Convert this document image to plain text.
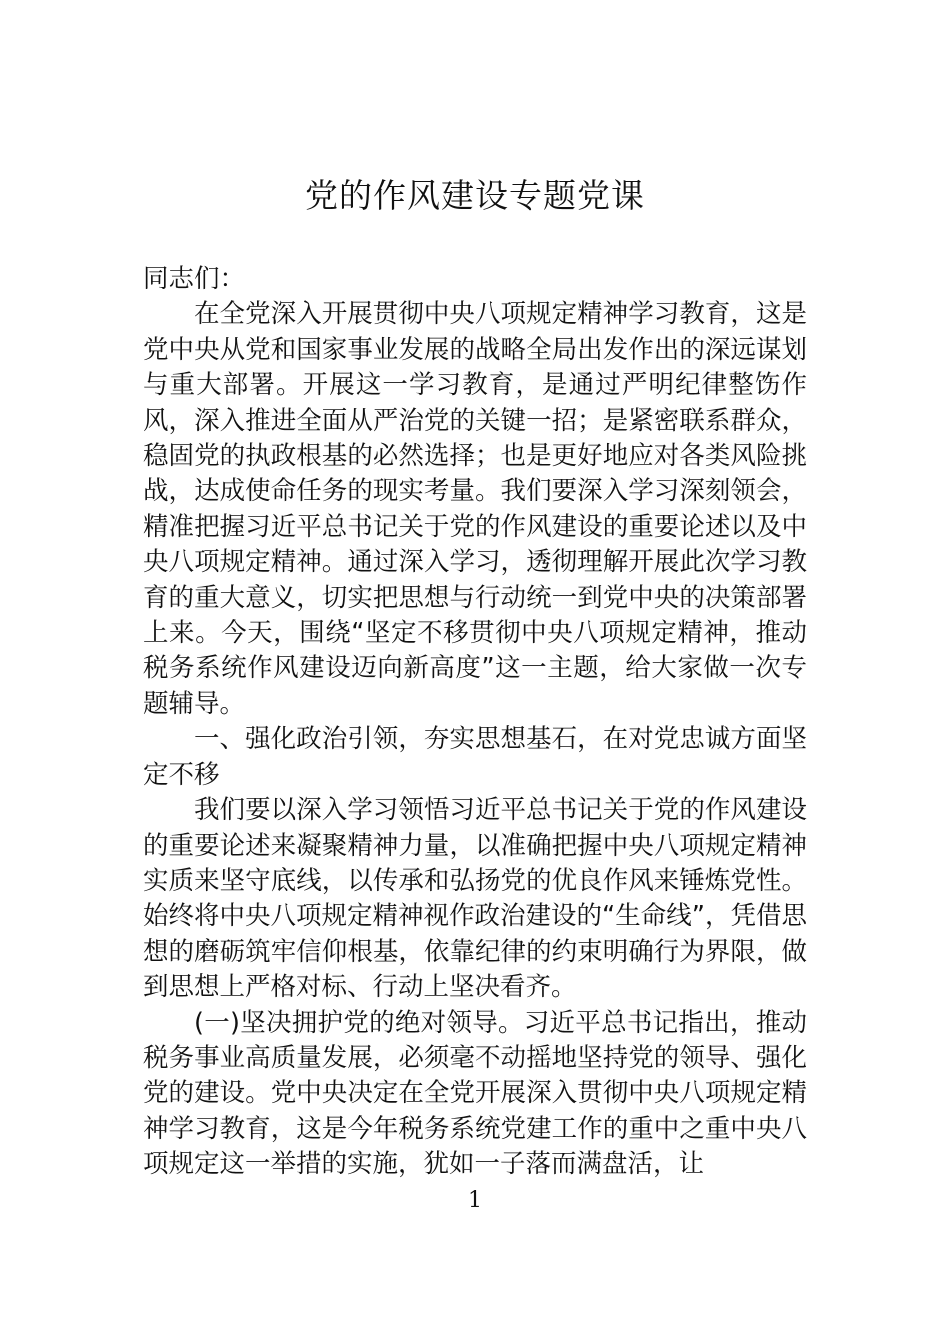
党的作风建设专题党课

同志们：

在全党深入开展贯彻中央八项规定精神学习教育，这是党中央从党和国家事业发展的战略全局出发作出的深远谋划与重大部署。开展这一学习教育，是通过严明纪律整饬作风，深入推进全面从严治党的关键一招；是紧密联系群众，稳固党的执政根基的必然选择；也是更好地应对各类风险挑战，达成使命任务的现实考量。我们要深入学习深刻领会，精准把握习近平总书记关于党的作风建设的重要论述以及中央八项规定精神。通过深入学习，透彻理解开展此次学习教育的重大意义，切实把思想与行动统一到党中央的决策部署上来。今天，围绕“坚定不移贯彻中央八项规定精神，推动税务系统作风建设迈向新高度”这一主题，给大家做一次专题辅导。

一、强化政治引领，夯实思想基石，在对党忠诚方面坚定不移

我们要以深入学习领悟习近平总书记关于党的作风建设的重要论述来凝聚精神力量，以准确把握中央八项规定精神实质来坚守底线，以传承和弘扬党的优良作风来锤炼党性。始终将中央八项规定精神视作政治建设的“生命线”，凭借思想的磨砺筑牢信仰根基，依靠纪律的约束明确行为界限，做到思想上严格对标、行动上坚决看齐。

(一)坚决拥护党的绝对领导。习近平总书记指出，推动税务事业高质量发展，必须毫不动摇地坚持党的领导、强化党的建设。党中央决定在全党开展深入贯彻中央八项规定精神学习教育，这是今年税务系统党建工作的重中之重中央八项规定这一举措的实施，犹如一子落而满盘活，让

1
